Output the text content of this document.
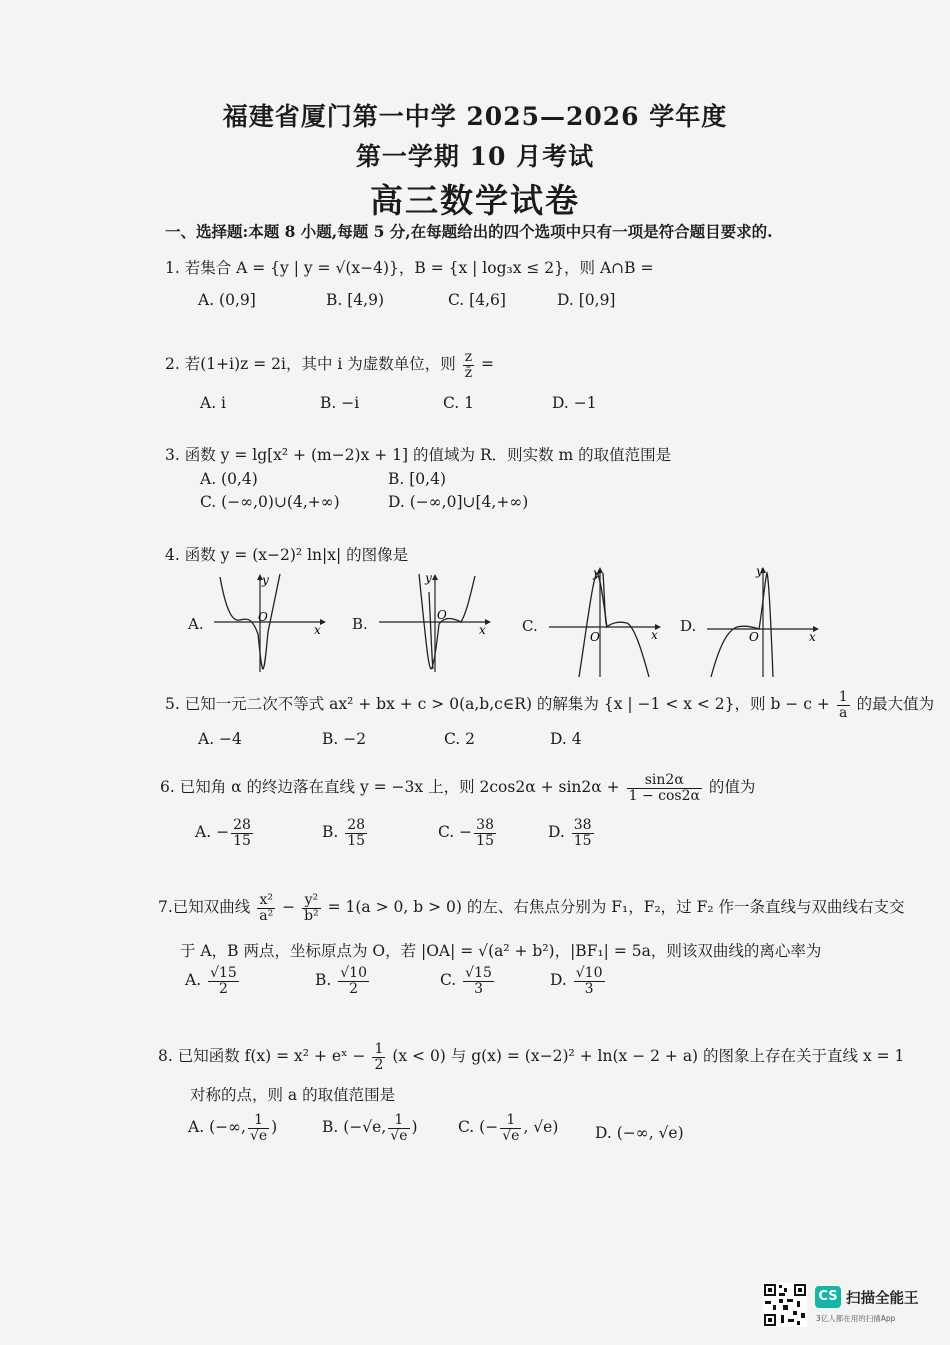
福建省厦门第一中学 2025—2026 学年度
第一学期 10 月考试
高三数学试卷
一、选择题:本题 8 小题,每题 5 分,在每题给出的四个选项中只有一项是符合题目要求的.
1. 若集合 A = {y | y = √(x−4)}，B = {x | log₃x ≤ 2}，则 A∩B =
A. (0,9]	B. [4,9)	C. [4,6]	D. [0,9]
2. 若(1+i)z = 2i，其中 i 为虚数单位，则 $\frac{z}{z̄}$ =
A. i	B. −i	C. 1	D. −1
3. 函数 y = lg[x² + (m−2)x + 1] 的值域为 R．则实数 m 的取值范围是
A. (0,4)	B. [0,4)
C. (−∞,0)∪(4,+∞)	D. (−∞,0]∪[4,+∞)
4. 函数 y = (x−2)² ln|x| 的图像是
A.
y
x
O	B.
y
x
O
C.
y
x
O
D.
y
x
O
5. 已知一元二次不等式 ax² + bx + c > 0(a,b,c∈R) 的解集为 {x | −1 < x < 2}，则 $b - c + \frac{1}{a}$ 的最大值为
A. −4	B. −2	C. 2	D. 4
6. 已知角 α 的终边落在直线 y = −3x 上，则 $2\cos 2\alpha + \sin 2\alpha + \frac{\sin 2\alpha}{1 - \cos 2\alpha}$ 的值为
A. − $\frac{28}{15}$	B. $\frac{28}{15}$	C. − $\frac{38}{15}$	D. $\frac{38}{15}$
7.已知双曲线 $\frac{\text{x²}}{\text{a²}} - \frac{\text{y²}}{\text{b²}} = 1(a > 0$, b > 0) 的左、右焦点分别为 F₁，F₂，过 F₂ 作一条直线与双曲线右支交
于 A，B 两点，坐标原点为 O，若 |OA| = √(a² + b²)，|BF₁| = 5a，则该双曲线的离心率为
A. $\frac{√15}{2}$	B. $\frac{√10}{2}$	C. $\frac{√15}{3}$	D. $\frac{√10}{3}$
8. 已知函数 f(x) = x² + eˣ − $\frac{1}{2} (x < 0)$ 与 g(x) = (x−2)² + ln(x − 2 + a) 的图象上存在关于直线 x = 1
对称的点，则 a 的取值范围是
A. (−∞, $\frac{1}{√e}$ )	B. (−√e, $\frac{1}{√e}$ )	C. (− $\frac{1}{√e}$ , √e) D. (−∞, √e)
CS 扫描全能王
3亿人都在用的扫描App
